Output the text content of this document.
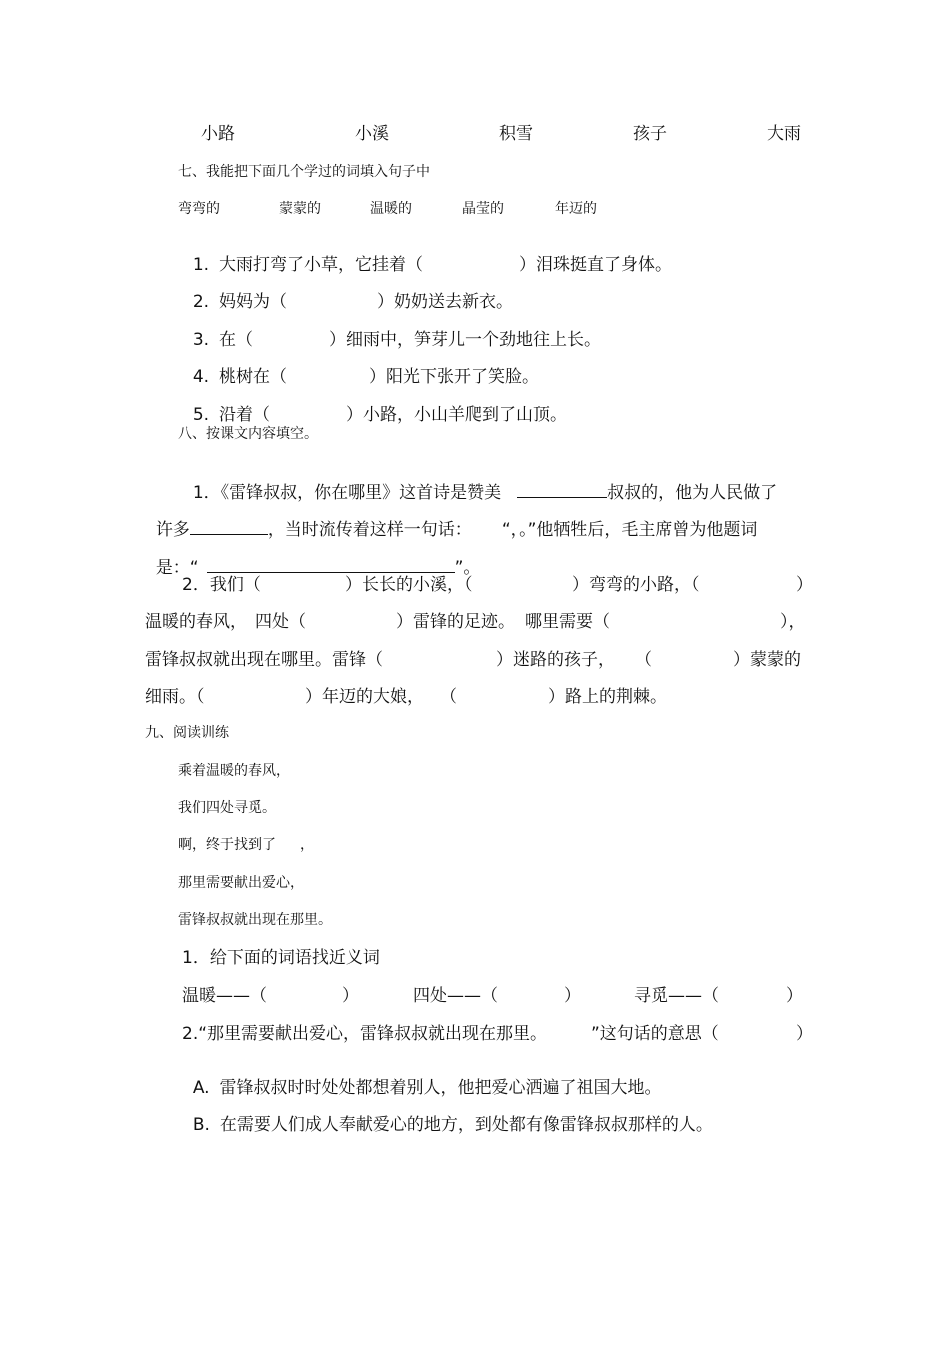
小路	小溪	积雪	孩子	大雨
七、我能把下面几个学过的词填入句子中
弯弯的	蒙蒙的	温暖的	晶莹的	年迈的

1. 大雨打弯了小草，它挂着（	）泪珠挺直了身体。

2. 妈妈为（	）奶奶送去新衣。

3. 在（	）细雨中，笋芽儿一个劲地往上长。

4. 桃树在（	）阳光下张开了笑脸。

5. 沿着（	）小路，小山羊爬到了山顶。

八、按课文内容填空。

1．《雷锋叔叔，你在哪里》这首诗是赞美	叔叔的，他为人民做了

许多	，当时流传着这样一句话： “，。”他牺牲后，毛主席曾为他题词

是：“	”。

2．我们（	）长长的小溪，（	）弯弯的小路，（	）
温暖的春风， 四处（	）雷锋的足迹。 哪里需要（	），
雷锋叔叔就出现在哪里。雷锋（	）迷路的孩子， （	）蒙蒙的
细雨。（	）年迈的大娘， （	）路上的荆棘。
九、阅读训练
乘着温暖的春风，
我们四处寻觅。
啊，终于找到了 ，
那里需要献出爱心，
雷锋叔叔就出现在那里。
1．给下面的词语找近义词
温暖——（	）	四处——（	）	寻觅——（	）
2.“那里需要献出爱心，雷锋叔叔就出现在那里。	”这句话的意思（	）

A. 雷锋叔叔时时处处都想着别人，他把爱心洒遍了祖国大地。

B. 在需要人们成人奉献爱心的地方，到处都有像雷锋叔叔那样的人。
